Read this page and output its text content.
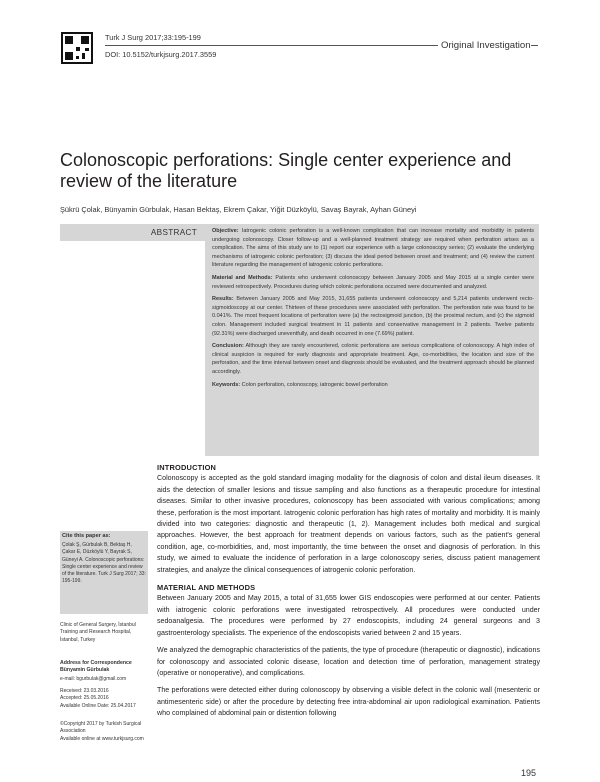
Turk J Surg 2017;33:195-199
Original Investigation
DOI: 10.5152/turkjsurg.2017.3559
Colonoscopic perforations: Single center experience and review of the literature
Şükrü Çolak, Bünyamin Gürbulak, Hasan Bektaş, Ekrem Çakar, Yiğit Düzköylü, Savaş Bayrak, Ayhan Güneyi
ABSTRACT	Objective: Iatrogenic colonic perforation is a well-known complication that can increase mortality and morbidity in patients undergoing colonoscopy. Closer follow-up and a well-planned treatment strategy are required when perforation arises as a complication. The aims of this study are to (1) report our experience with a large colonoscopy series; (2) evaluate the underlying mechanisms of iatrogenic colonic perforation; (3) discuss the ideal period between onset and treatment; and (4) review the current literature regarding the management of iatrogenic colonic perforations.

Material and Methods: Patients who underwent colonoscopy between January 2005 and May 2015 at a single center were reviewed retrospectively. Procedures during which colonic perforations occurred were documented and analyzed.

Results: Between January 2005 and May 2015, 31,655 patients underwent colonoscopy and 5,214 patients underwent recto-sigmoidoscopy at our center. Thirteen of these procedures were associated with perforation. The perforation rate was found to be 0.041%. The most frequent locations of perforation were (a) the rectosigmoid junction, (b) the proximal rectum, and (c) the sigmoid colon. Management included surgical treatment in 11 patients and conservative management in 2 patients. Twelve patients (92.31%) were discharged uneventfully, and death occurred in one (7.69%) patient.

Conclusion: Although they are rarely encountered, colonic perforations are serious complications of colonoscopy. A high index of clinical suspicion is required for early diagnosis and appropriate treatment. Age, co-morbidities, the location and size of the perforation, and the time interval between onset and diagnosis should be evaluated, and the treatment approach should be planned accordingly.

Keywords: Colon perforation, colonoscopy, iatrogenic bowel perforation

Cite this paper as:
Çolak Ş, Gürbulak B, Bektaş H, Çakar E, Düzköylü Y, Bayrak S, Güneyi A. Colonoscopic perforations: Single center experience and review of the literature. Turk J Surg 2017; 33: 195-199.
Clinic of General Surgery, İstanbul Training and Research Hospital, İstanbul, Turkey
Address for Correspondence Bünyamin Gürbulak
e-mail: bgurbulak@gmail.com
Received: 23.03.2016
Accepted: 25.05.2016
Available Online Date: 25.04.2017
©Copyright 2017 by Turkish Surgical Association
Available online at www.turkjsurg.com
INTRODUCTION

Colonoscopy is accepted as the gold standard imaging modality for the diagnosis of colon and distal ileum diseases. It aids the detection of smaller lesions and tissue sampling and also functions as a therapeutic procedure for intestinal diseases. Similar to other invasive procedures, colonoscopy has been associated with various complications; among these, perforation is the most important. Iatrogenic colonic perforation has high rates of mortality and morbidity. It is mainly divided into two categories: diagnostic and therapeutic (1, 2). Management includes both medical and surgical approaches. However, the best approach for treatment depends on various factors, such as the patient's general condition, age, co-morbidities, and, most importantly, the time between the onset and diagnosis of perforation. In this study, we aimed to evaluate the incidence of perforation in a large colonoscopy series, discuss patient management strategies, and analyze the clinical consequences of iatrogenic colonic perforation.

MATERIAL AND METHODS

Between January 2005 and May 2015, a total of 31,655 lower GIS endoscopies were performed at our center. Patients with iatrogenic colonic perforations were investigated retrospectively. All procedures were conducted under sedoanalgesia. The procedures were performed by 27 endoscopists, including 24 general surgeons and 3 gastroenterology specialists. The experience of the endoscopists varied between 2 and 15 years.

We analyzed the demographic characteristics of the patients, the type of procedure (therapeutic or diagnostic), indications for colonoscopy and associated colonic disease, location and detection time of perforation, management strategy (operative or nonoperative), and complications.

The perforations were detected either during colonoscopy by observing a visible defect in the colonic wall (mesenteric or antimesenteric side) or after the procedure by detecting free intra-abdominal air upon radiological examination. Patients who complained of abdominal pain or distention following

195
